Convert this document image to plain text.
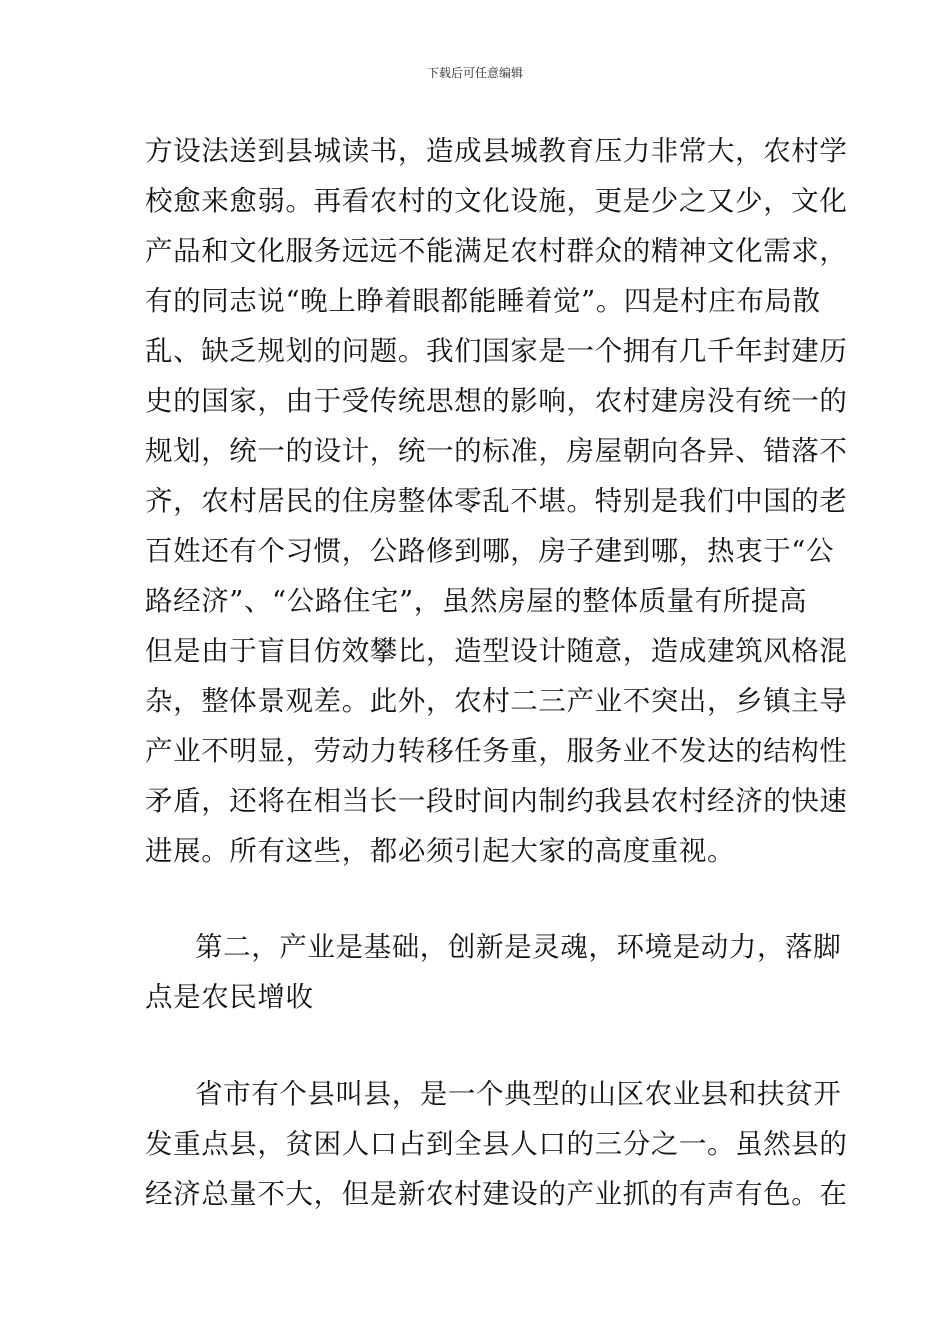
下载后可任意编辑
方设法送到县城读书，造成县城教育压力非常大，农村学
校愈来愈弱。再看农村的文化设施，更是少之又少，文化
产品和文化服务远远不能满足农村群众的精神文化需求，
有的同志说“晚上睁着眼都能睡着觉”。四是村庄布局散
乱、缺乏规划的问题。我们国家是一个拥有几千年封建历
史的国家，由于受传统思想的影响，农村建房没有统一的
规划，统一的设计，统一的标准，房屋朝向各异、错落不
齐，农村居民的住房整体零乱不堪。特别是我们中国的老
百姓还有个习惯，公路修到哪，房子建到哪，热衷于“公
路经济”、“公路住宅”，虽然房屋的整体质量有所提高
但是由于盲目仿效攀比，造型设计随意，造成建筑风格混
杂，整体景观差。此外，农村二三产业不突出，乡镇主导
产业不明显，劳动力转移任务重，服务业不发达的结构性
矛盾，还将在相当长一段时间内制约我县农村经济的快速
进展。所有这些，都必须引起大家的高度重视。
第二，产业是基础，创新是灵魂，环境是动力，落脚
点是农民增收
省市有个县叫县，是一个典型的山区农业县和扶贫开
发重点县，贫困人口占到全县人口的三分之一。虽然县的
经济总量不大，但是新农村建设的产业抓的有声有色。在
